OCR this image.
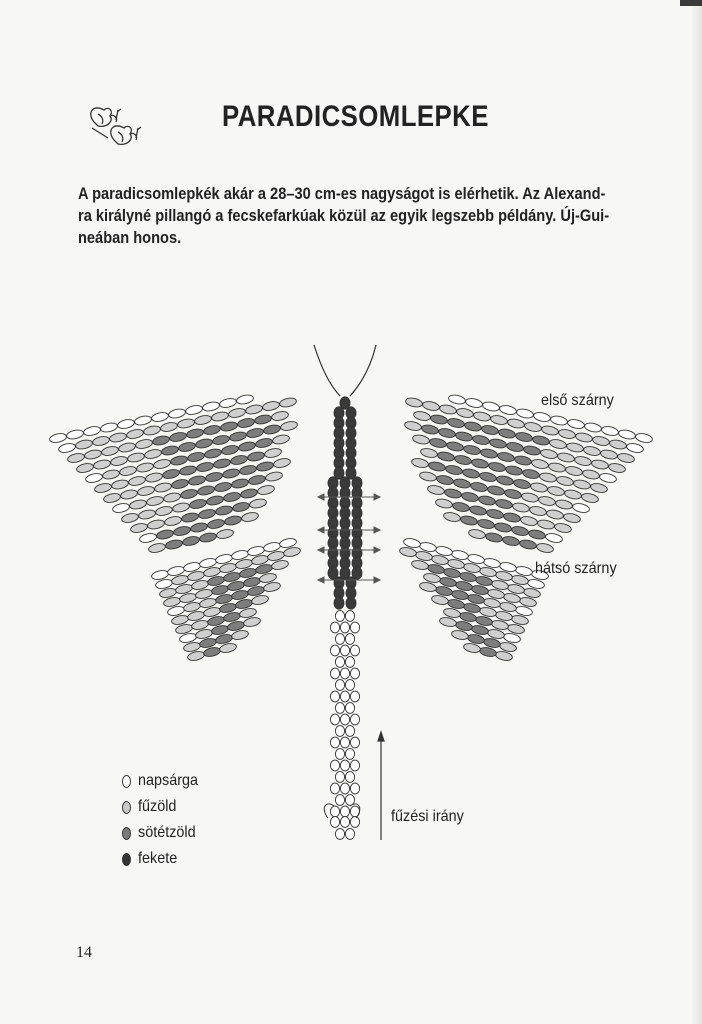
PARADICSOMLEPKE

A paradicsomlepkék akár a 28–30 cm-es nagyságot is elérhetik. Az Alexand-

ra királyné pillangó a fecskefarkúak közül az egyik legszebb példány. Új-Gui-

neában honos.

első szárny
hátsó szárny
fűzési irány
napsárga
fűzöld
sötétzöld
fekete
14
